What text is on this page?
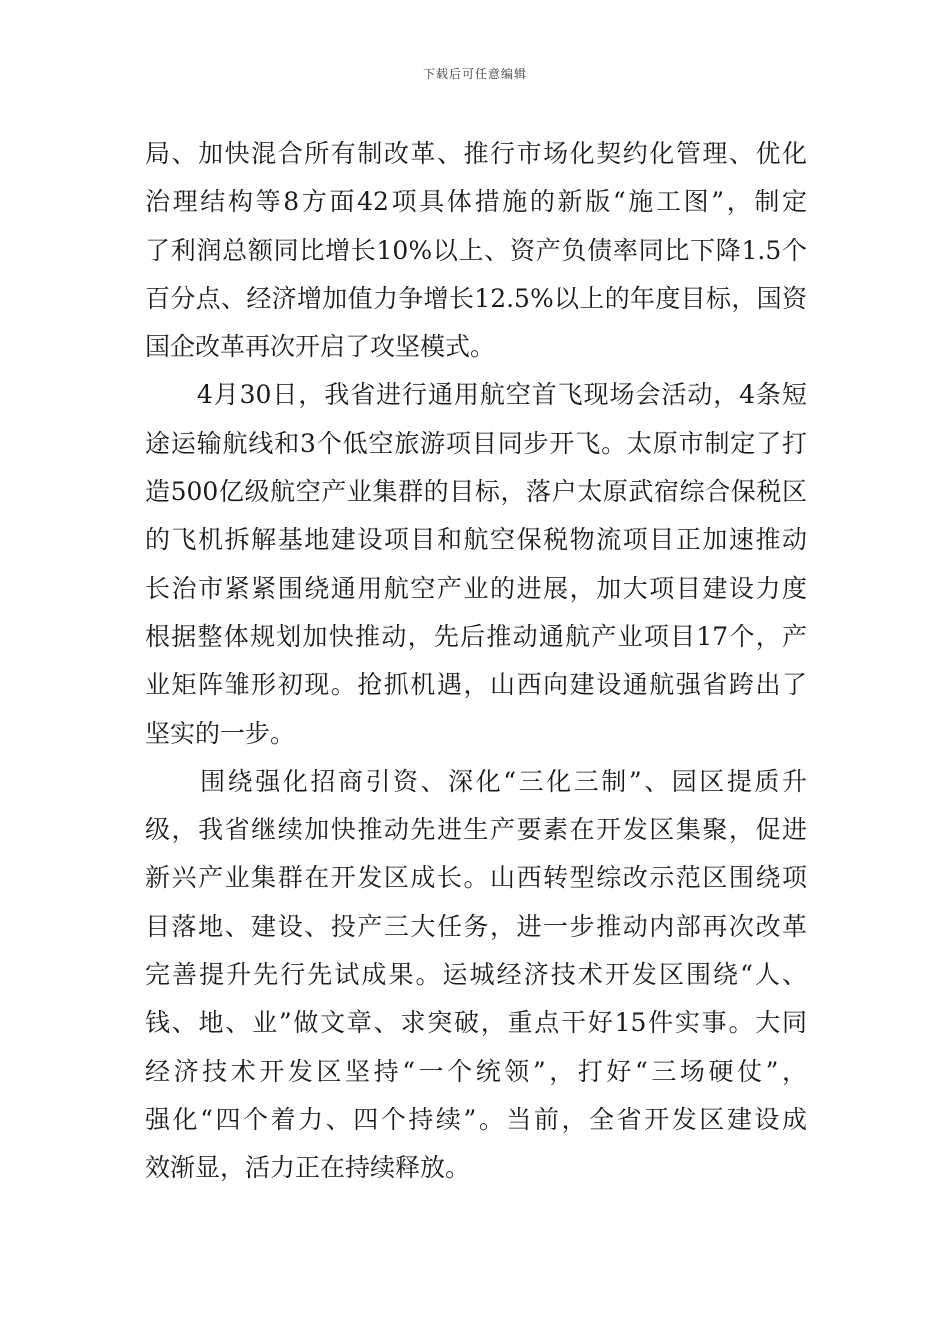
下载后可任意编辑
局、加快混合所有制改革、推行市场化契约化管理、优化
治理结构等8方面42项具体措施的新版“施工图”，制定
了利润总额同比增长10%以上、资产负债率同比下降1.5个
百分点、经济增加值力争增长12.5%以上的年度目标，国资
国企改革再次开启了攻坚模式。
　　4月30日，我省进行通用航空首飞现场会活动，4条短
途运输航线和3个低空旅游项目同步开飞。太原市制定了打
造500亿级航空产业集群的目标，落户太原武宿综合保税区
的飞机拆解基地建设项目和航空保税物流项目正加速推动
长治市紧紧围绕通用航空产业的进展，加大项目建设力度
根据整体规划加快推动，先后推动通航产业项目17个，产
业矩阵雏形初现。抢抓机遇，山西向建设通航强省跨出了
坚实的一步。
　　围绕强化招商引资、深化“三化三制”、园区提质升
级，我省继续加快推动先进生产要素在开发区集聚，促进
新兴产业集群在开发区成长。山西转型综改示范区围绕项
目落地、建设、投产三大任务，进一步推动内部再次改革
完善提升先行先试成果。运城经济技术开发区围绕“人、
钱、地、业”做文章、求突破，重点干好15件实事。大同
经济技术开发区坚持“一个统领”，打好“三场硬仗”，
强化“四个着力、四个持续”。当前，全省开发区建设成
效渐显，活力正在持续释放。
